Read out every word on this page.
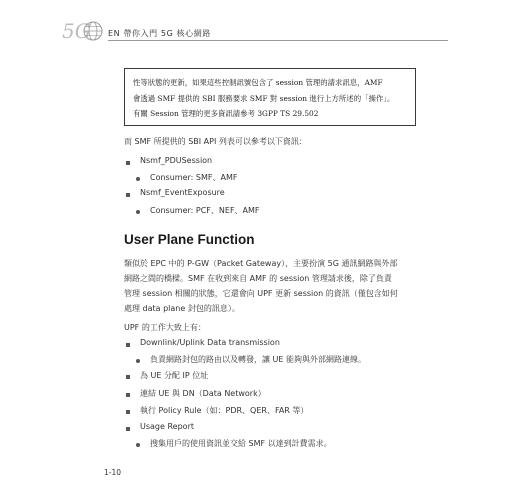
5G EN 帶你入門 5G 核心網路
性等狀態的更新，如果這些控制訊號包含了 session 管理的請求訊息，AMF
會透過 SMF 提供的 SBI 服務要求 SMF 對 session 進行上方所述的「操作」。
有關 Session 管理的更多資訊請參考 3GPP TS 29.502
而 SMF 所提供的 SBI API 列表可以參考以下資訊：
Nsmf_PDUSession
Consumer: SMF、AMF
Nsmf_EventExposure
Consumer: PCF、NEF、AMF
User Plane Function
類似於 EPC 中的 P-GW（Packet Gateway），主要扮演 5G 通訊網路與外部
網路之間的橋樑。SMF 在收到來自 AMF 的 session 管理請求後，除了負責
管理 session 相關的狀態，它還會向 UPF 更新 session 的資訊（僅包含如何
處理 data plane 封包的訊息）。
UPF 的工作大致上有：
Downlink/Uplink Data transmission
負責網路封包的路由以及轉發，讓 UE 能夠與外部網路連線。
為 UE 分配 IP 位址
連結 UE 與 DN（Data Network）
執行 Policy Rule（如：PDR、QER、FAR 等）
Usage Report
搜集用戶的使用資訊並交給 SMF 以達到計費需求。
1-10
